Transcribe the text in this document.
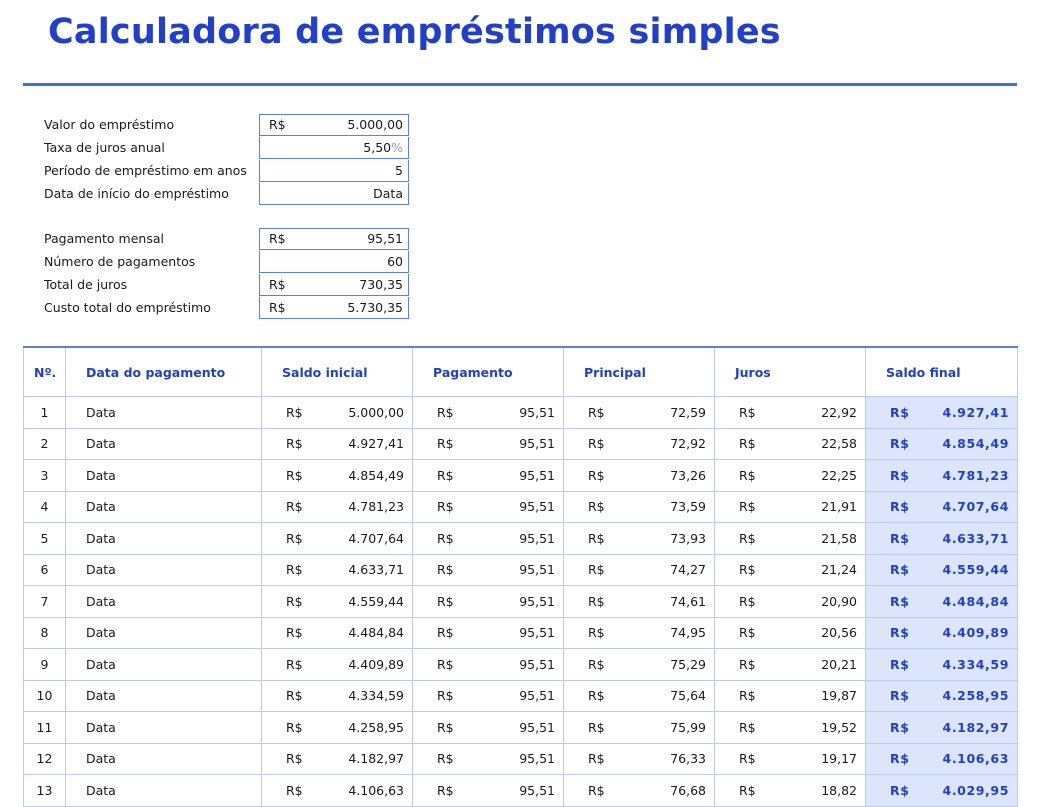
Calculadora de empréstimos simples
Valor do empréstimo	R$	5.000,00
Taxa de juros anual	5,50%
Período de empréstimo em anos	5
Data de início do empréstimo	Data
Pagamento mensal	R$	95,51
Número de pagamentos	60
Total de juros	R$	730,35
Custo total do empréstimo	R$	5.730,35
Nº.	Data do pagamento	Saldo inicial	Pagamento	Principal	Juros	Saldo final
1	Data	R$ 5.000,00	R$ 95,51	R$ 72,59	R$ 22,92	R$ 4.927,41

2	Data	R$ 4.927,41	R$ 95,51	R$ 72,92	R$ 22,58	R$ 4.854,49

3	Data	R$ 4.854,49	R$ 95,51	R$ 73,26	R$ 22,25	R$ 4.781,23

4	Data	R$ 4.781,23	R$ 95,51	R$ 73,59	R$ 21,91	R$ 4.707,64

5	Data	R$ 4.707,64	R$ 95,51	R$ 73,93	R$ 21,58	R$ 4.633,71

6	Data	R$ 4.633,71	R$ 95,51	R$ 74,27	R$ 21,24	R$ 4.559,44

7	Data	R$ 4.559,44	R$ 95,51	R$ 74,61	R$ 20,90	R$ 4.484,84

8	Data	R$ 4.484,84	R$ 95,51	R$ 74,95	R$ 20,56	R$ 4.409,89

9	Data	R$ 4.409,89	R$ 95,51	R$ 75,29	R$ 20,21	R$ 4.334,59

10	Data	R$ 4.334,59	R$ 95,51	R$ 75,64	R$ 19,87	R$ 4.258,95

11	Data	R$ 4.258,95	R$ 95,51	R$ 75,99	R$ 19,52	R$ 4.182,97

12	Data	R$ 4.182,97	R$ 95,51	R$ 76,33	R$ 19,17	R$ 4.106,63

13	Data	R$ 4.106,63	R$ 95,51	R$ 76,68	R$ 18,82	R$ 4.029,95
